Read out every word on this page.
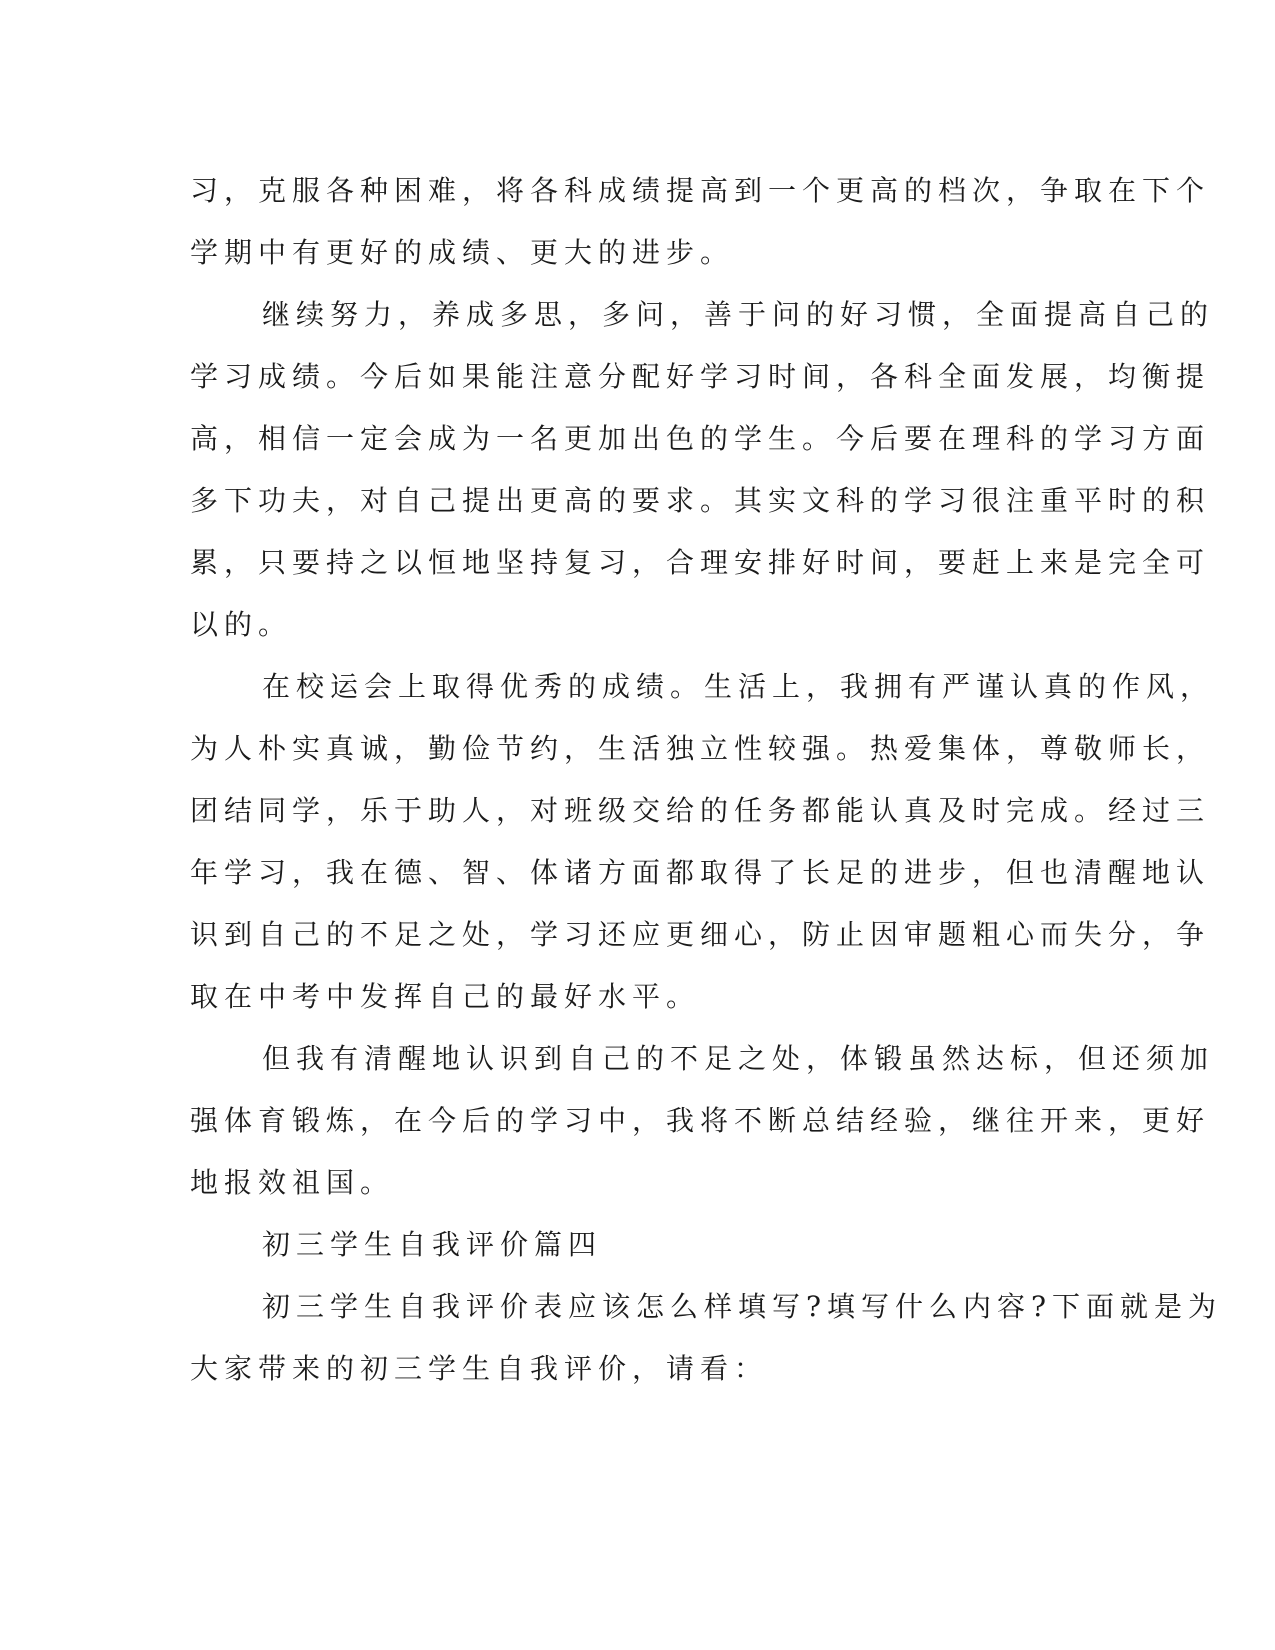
习，克服各种困难，将各科成绩提高到一个更高的档次，争取在下个
学期中有更好的成绩、更大的进步。
继续努力，养成多思，多问，善于问的好习惯，全面提高自己的
学习成绩。今后如果能注意分配好学习时间，各科全面发展，均衡提
高，相信一定会成为一名更加出色的学生。今后要在理科的学习方面
多下功夫，对自己提出更高的要求。其实文科的学习很注重平时的积
累，只要持之以恒地坚持复习，合理安排好时间，要赶上来是完全可
以的。
在校运会上取得优秀的成绩。生活上，我拥有严谨认真的作风，
为人朴实真诚，勤俭节约，生活独立性较强。热爱集体，尊敬师长，
团结同学，乐于助人，对班级交给的任务都能认真及时完成。经过三
年学习，我在德、智、体诸方面都取得了长足的进步，但也清醒地认
识到自己的不足之处，学习还应更细心，防止因审题粗心而失分，争
取在中考中发挥自己的最好水平。
但我有清醒地认识到自己的不足之处，体锻虽然达标，但还须加
强体育锻炼，在今后的学习中，我将不断总结经验，继往开来，更好
地报效祖国。
初三学生自我评价篇四
初三学生自我评价表应该怎么样填写?填写什么内容?下面就是为
大家带来的初三学生自我评价，请看：
